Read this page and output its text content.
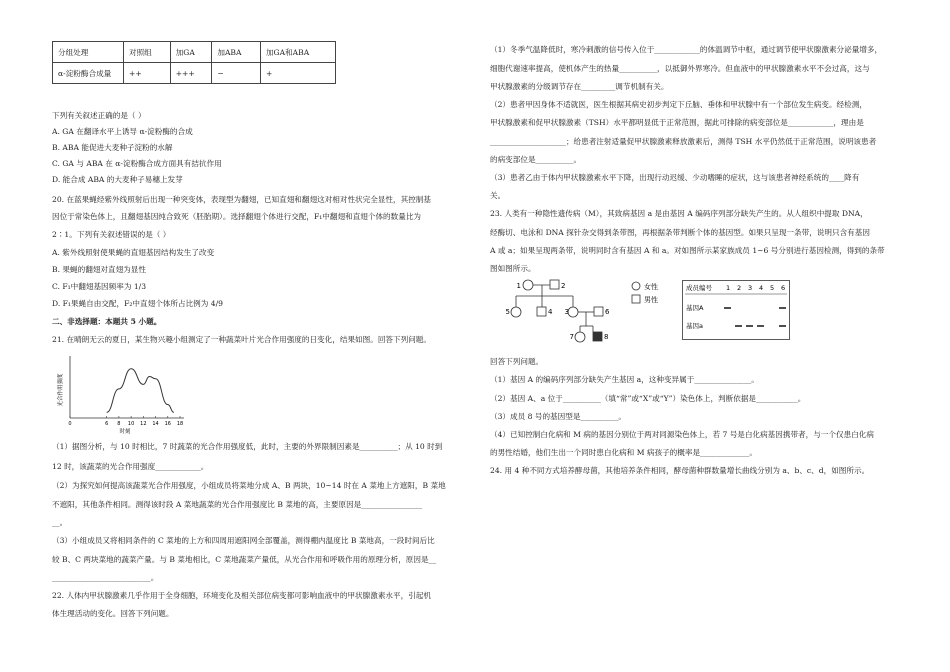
分组处理	对照组	加GA	加ABA	加GA和ABA
α-淀粉酶合成量	++	+++	−	+
下列有关叙述正确的是（ ）
A. GA 在翻译水平上诱导 α-淀粉酶的合成
B. ABA 能促进大麦种子淀粉的水解
C. GA 与 ABA 在 α-淀粉酶合成方面具有拮抗作用
D. 能合成 ABA 的大麦种子易穗上发芽
20. 在蓝果蝇经紫外线照射后出现一种突变体，表现型为翻翅，已知直翅和翻翅这对相对性状完全显性，其控制基
因位于常染色体上，且翻翅基因纯合致死（胚胎期）。选择翻翅个体进行交配，F₁中翻翅和直翅个体的数量比为
2∶1。下列有关叙述错误的是（ ）
A. 紫外线照射使果蝇的直翅基因结构发生了改变
B. 果蝇的翻翅对直翅为显性
C. F₁中翻翅基因频率为 1/3
D. F₁果蝇自由交配，F₂中直翅个体所占比例为 4/9
二、非选择题：本题共 5 小题。
21. 在晴朗无云的夏日，某生物兴趣小组测定了一种蔬菜叶片光合作用强度的日变化，结果如图。回答下列问题。
0	6 8 10 12 14 16 18
时刻
光合作用强度
（1）据图分析，与 10 时相比，7 时蔬菜的光合作用强度低，此时，主要的外界限制因素是__________；从 10 时到
12 时，该蔬菜的光合作用强度____________。
（2）为探究如何提高该蔬菜光合作用强度，小组成员将菜地分成 A、B 两块，10~14 时在 A 菜地上方遮阳，B 菜地
不遮阳，其他条件相同。测得该时段 A 菜地蔬菜的光合作用强度比 B 菜地的高，主要原因是________________
__。
（3）小组成员又将相同条件的 C 菜地的上方和四周用遮阳网全部覆盖，测得棚内温度比 B 菜地高，一段时间后比
较 B、C 两块菜地的蔬菜产量。与 B 菜地相比，C 菜地蔬菜产量低，从光合作用和呼吸作用的原理分析，原因是__
__________________________。
22. 人体内甲状腺激素几乎作用于全身细胞，环境变化及相关部位病变都可影响血液中的甲状腺激素水平，引起机
体生理活动的变化。回答下列问题。
（1）冬季气温降低时，寒冷刺激的信号传入位于____________的体温调节中枢，通过调节使甲状腺激素分泌量增多，
细胞代谢速率提高，使机体产生的热量__________，以抵御外界寒冷。但血液中的甲状腺激素水平不会过高，这与
甲状腺激素的分级调节存在_________调节机制有关。
（2）患者甲因身体不适就医，医生根据其病史初步判定下丘脑、垂体和甲状腺中有一个部位发生病变。经检测，
甲状腺激素和促甲状腺激素（TSH）水平都明显低于正常范围，据此可排除的病变部位是____________，理由是
____________________；给患者注射适量促甲状腺激素释放激素后，测得 TSH 水平仍然低于正常范围，说明该患者
的病变部位是__________。
（3）患者乙由于体内甲状腺激素水平下降，出现行动迟缓、少动嗜睡的症状，这与该患者神经系统的____降有
关。
23. 人类有一种隐性遗传病（M），其致病基因 a 是由基因 A 编码序列部分缺失产生的。从人组织中提取 DNA，
经酶切、电泳和 DNA 探针杂交得到条带图，再根据条带判断个体的基因型。如果只呈现一条带，说明只含有基因
A 或 a；如果呈现两条带，说明同时含有基因 A 和 a。对如图所示某家族成员 1~6 号分别进行基因检测，得到的条带
图如图所示。
1	2
3
4
5	6
7	8
女性
男性
成员编号 1 2 3 4 5 6
基因A
基因a
回答下列问题。
（1）基因 A 的编码序列部分缺失产生基因 a，这种变异属于_______________。
（2）基因 A、a 位于__________（填“常”或“X”或“Y”）染色体上，判断依据是___________。
（3）成员 8 号的基因型是__________。
（4）已知控制白化病和 M 病的基因分别位于两对同源染色体上，若 7 号是白化病基因携带者，与一个仅患白化病
的男性结婚，他们生出一个同时患白化病和 M 病孩子的概率是_____________。
24. 用 4 种不同方式培养酵母菌，其他培养条件相同，酵母菌种群数量增长曲线分别为 a、b、c、d，如图所示。
